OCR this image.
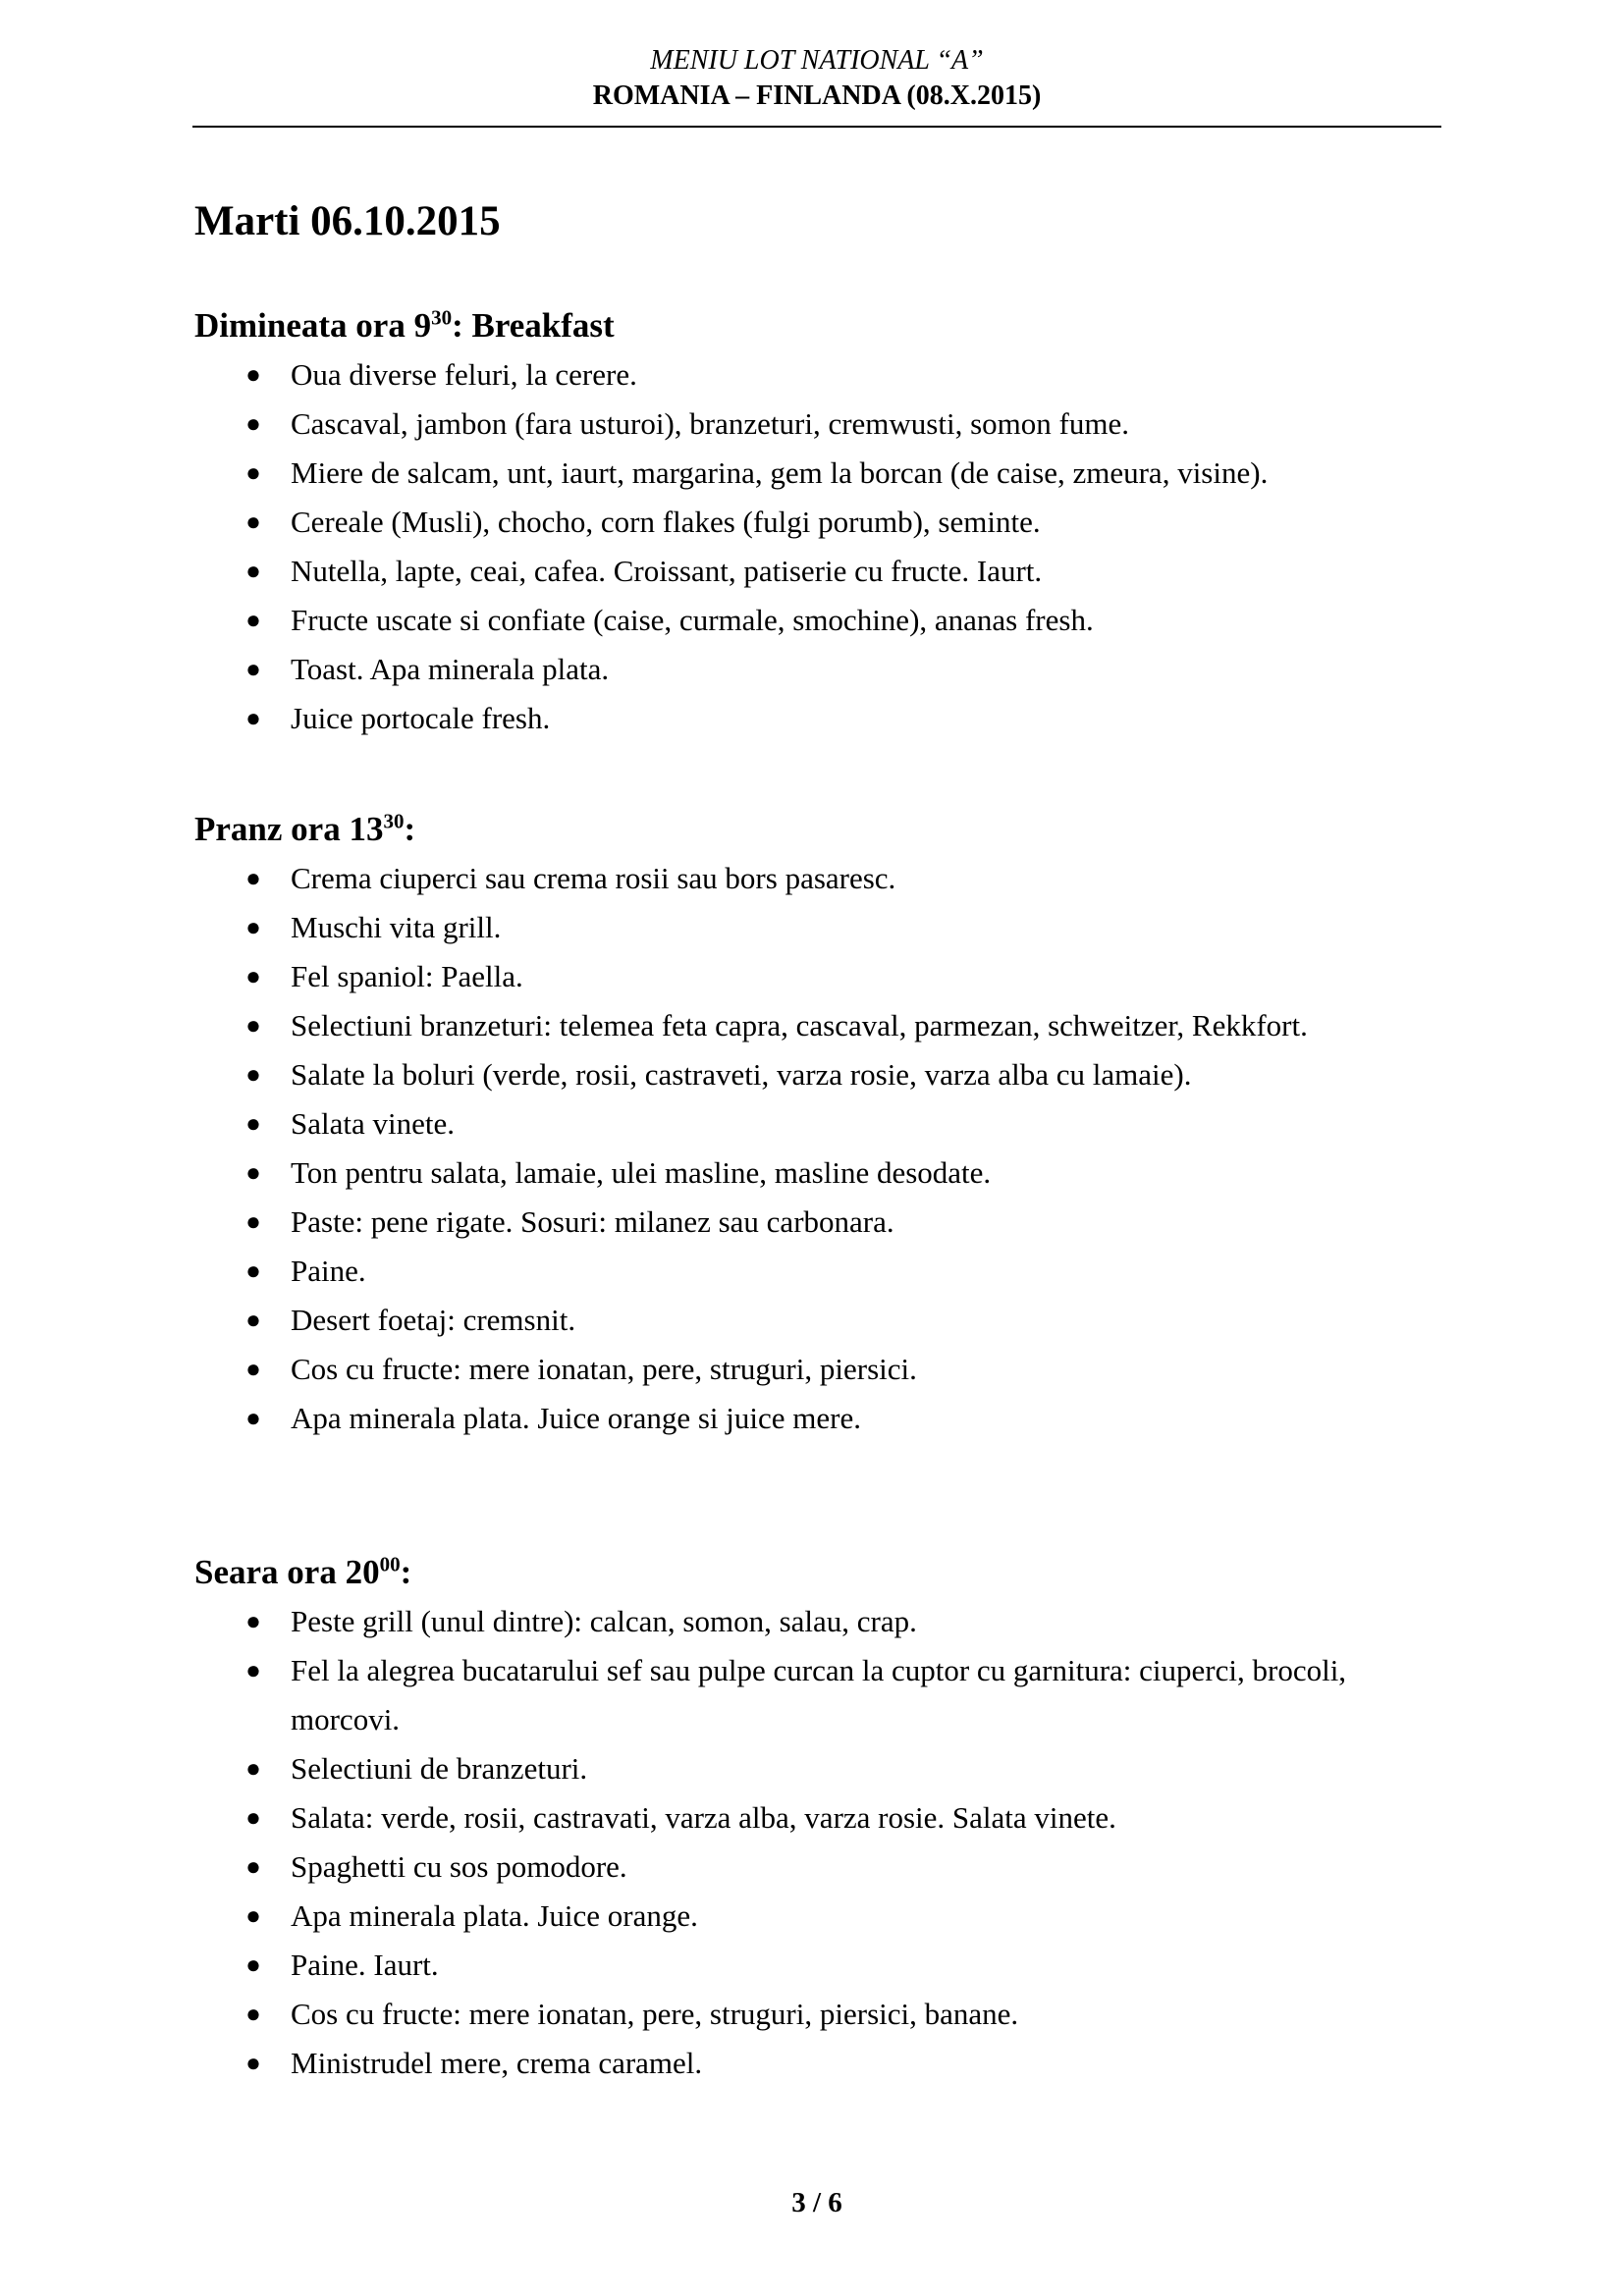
MENIU LOT NATIONAL “A”
ROMANIA – FINLANDA (08.X.2015)
Marti 06.10.2015
Dimineata ora $9^{30}$: Breakfast
● Oua diverse feluri, la cerere.
● Cascaval, jambon (fara usturoi), branzeturi, cremwusti, somon fume.
● Miere de salcam, unt, iaurt, margarina, gem la borcan (de caise, zmeura, visine).
● Cereale (Musli), chocho, corn flakes (fulgi porumb), seminte.
● Nutella, lapte, ceai, cafea. Croissant, patiserie cu fructe. Iaurt.
● Fructe uscate si confiate (caise, curmale, smochine), ananas fresh.
● Toast. Apa minerala plata.
● Juice portocale fresh.
Pranz ora $13^{30}$:
● Crema ciuperci sau crema rosii sau bors pasaresc.
● Muschi vita grill.
● Fel spaniol: Paella.
● Selectiuni branzeturi: telemea feta capra, cascaval, parmezan, schweitzer, Rekkfort.
● Salate la boluri (verde, rosii, castraveti, varza rosie, varza alba cu lamaie).
● Salata vinete.
● Ton pentru salata, lamaie, ulei masline, masline desodate.
● Paste: pene rigate. Sosuri: milanez sau carbonara.
● Paine.
● Desert foetaj: cremsnit.
● Cos cu fructe: mere ionatan, pere, struguri, piersici.
● Apa minerala plata. Juice orange si juice mere.
Seara ora $20^{00}$:
● Peste grill (unul dintre): calcan, somon, salau, crap.
● Fel la alegrea bucatarului sef sau pulpe curcan la cuptor cu garnitura: ciuperci, brocoli, morcovi.
● Selectiuni de branzeturi.
● Salata: verde, rosii, castravati, varza alba, varza rosie. Salata vinete.
● Spaghetti cu sos pomodore.
● Apa minerala plata. Juice orange.
● Paine. Iaurt.
● Cos cu fructe: mere ionatan, pere, struguri, piersici, banane.
● Ministrudel mere, crema caramel.
3 / 6
